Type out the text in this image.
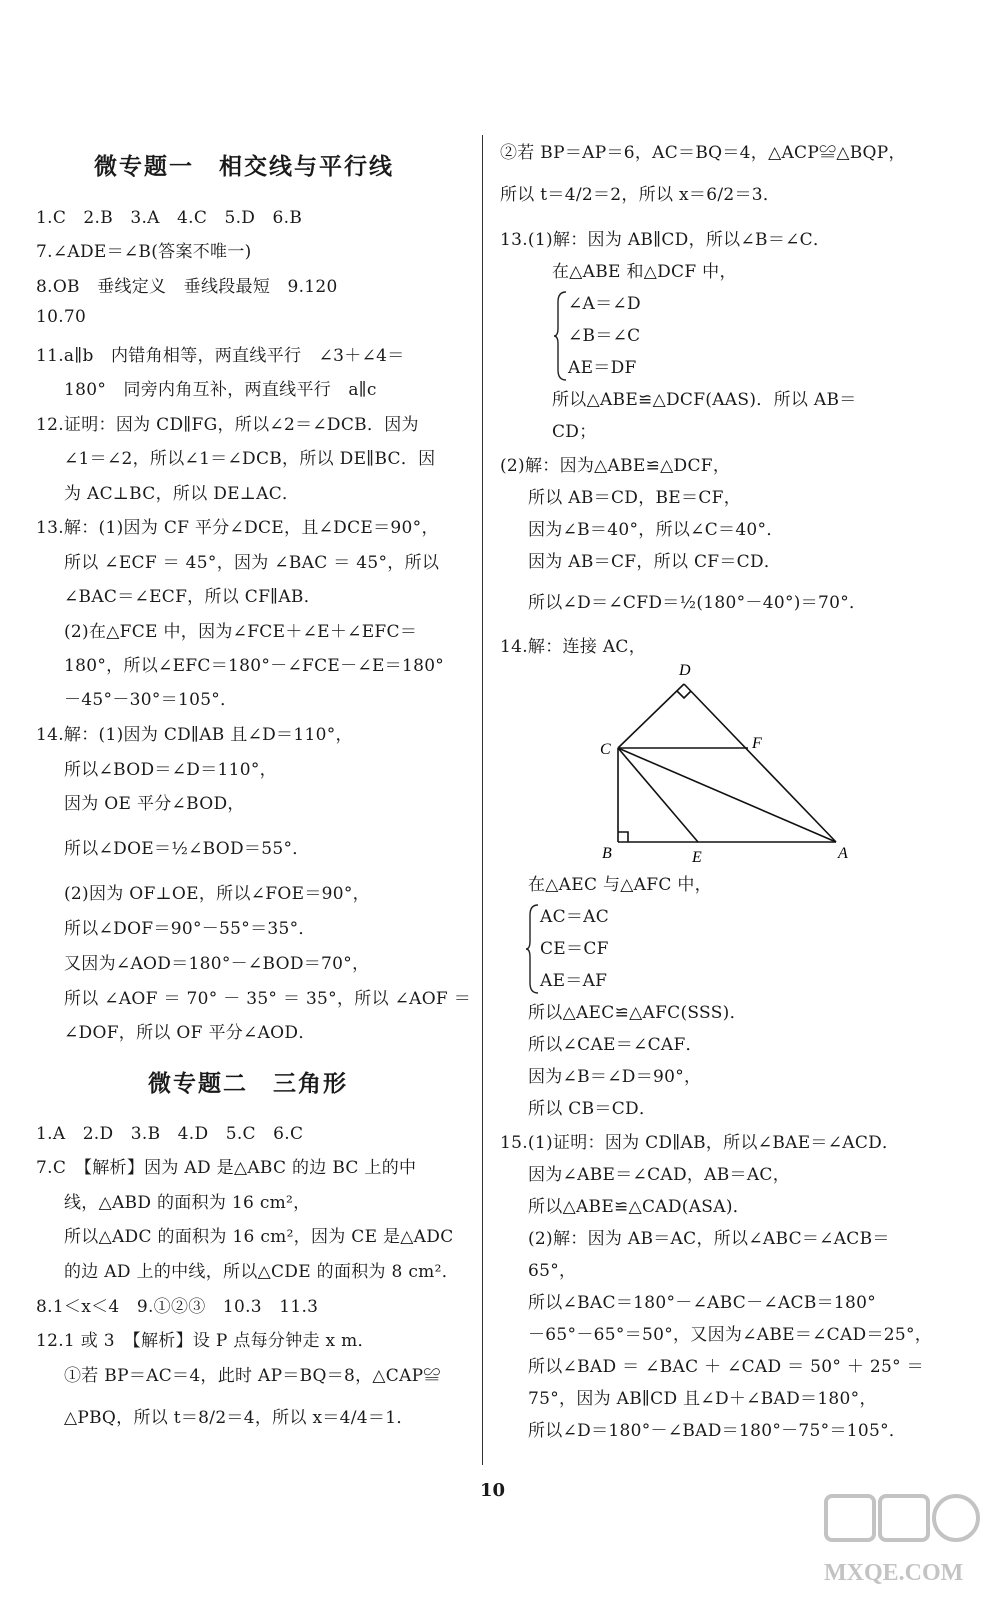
微专题一　相交线与平行线
1.C　2.B　3.A　4.C　5.D　6.B
7.∠ADE＝∠B(答案不唯一)
8.OB　垂线定义　垂线段最短　9.120
10.70
11.a∥b　内错角相等，两直线平行　∠3＋∠4＝
180°　同旁内角互补，两直线平行　a∥c
12.证明：因为 CD∥FG，所以∠2＝∠DCB．因为
∠1＝∠2，所以∠1＝∠DCB，所以 DE∥BC．因
为 AC⊥BC，所以 DE⊥AC．
13.解：(1)因为 CF 平分∠DCE，且∠DCE＝90°，
所以 ∠ECF ＝ 45°，因为 ∠BAC ＝ 45°，所以
∠BAC＝∠ECF，所以 CF∥AB．
(2)在△FCE 中，因为∠FCE＋∠E＋∠EFC＝
180°，所以∠EFC＝180°－∠FCE－∠E＝180°
－45°－30°＝105°．
14.解：(1)因为 CD∥AB 且∠D＝110°，
所以∠BOD＝∠D＝110°，
因为 OE 平分∠BOD，
所以∠DOE＝½∠BOD＝55°．
(2)因为 OF⊥OE，所以∠FOE＝90°，
所以∠DOF＝90°－55°＝35°．
又因为∠AOD＝180°－∠BOD＝70°，
所以 ∠AOF ＝ 70° － 35° ＝ 35°，所以 ∠AOF ＝
∠DOF，所以 OF 平分∠AOD．
微专题二　三角形
1.A　2.D　3.B　4.D　5.C　6.C
7.C　【解析】因为 AD 是△ABC 的边 BC 上的中
线，△ABD 的面积为 16 cm²，
所以△ADC 的面积为 16 cm²，因为 CE 是△ADC
的边 AD 上的中线，所以△CDE 的面积为 8 cm²．
8.1＜x＜4　9.①②③　10.3　11.3
12.1 或 3　【解析】设 P 点每分钟走 x m．
①若 BP＝AC＝4，此时 AP＝BQ＝8，△CAP≌
△PBQ，所以 t＝8/2＝4，所以 x＝4/4＝1．
②若 BP＝AP＝6，AC＝BQ＝4，△ACP≌△BQP，
所以 t＝4/2＝2，所以 x＝6/2＝3．
13.(1)解：因为 AB∥CD，所以∠B＝∠C．
在△ABE 和△DCF 中，
∠A＝∠D
∠B＝∠C
AE＝DF
所以△ABE≌△DCF(AAS)．所以 AB＝
CD；
(2)解：因为△ABE≌△DCF，
所以 AB＝CD，BE＝CF，
因为∠B＝40°，所以∠C＝40°．
因为 AB＝CF，所以 CF＝CD．
所以∠D＝∠CFD＝½(180°－40°)＝70°．
14.解：连接 AC，
D
C	F
B	E	A
在△AEC 与△AFC 中，
AC＝AC
CE＝CF
AE＝AF
所以△AEC≌△AFC(SSS)．
所以∠CAE＝∠CAF．
因为∠B＝∠D＝90°，
所以 CB＝CD．
15.(1)证明：因为 CD∥AB，所以∠BAE＝∠ACD．
因为∠ABE＝∠CAD，AB＝AC，
所以△ABE≌△CAD(ASA)．
(2)解：因为 AB＝AC，所以∠ABC＝∠ACB＝
65°，
所以∠BAC＝180°－∠ABC－∠ACB＝180°
－65°－65°＝50°，又因为∠ABE＝∠CAD＝25°，
所以∠BAD ＝ ∠BAC ＋ ∠CAD ＝ 50° ＋ 25° ＝
75°，因为 AB∥CD 且∠D＋∠BAD＝180°，
所以∠D＝180°－∠BAD＝180°－75°＝105°．
10
MXQE.COM
